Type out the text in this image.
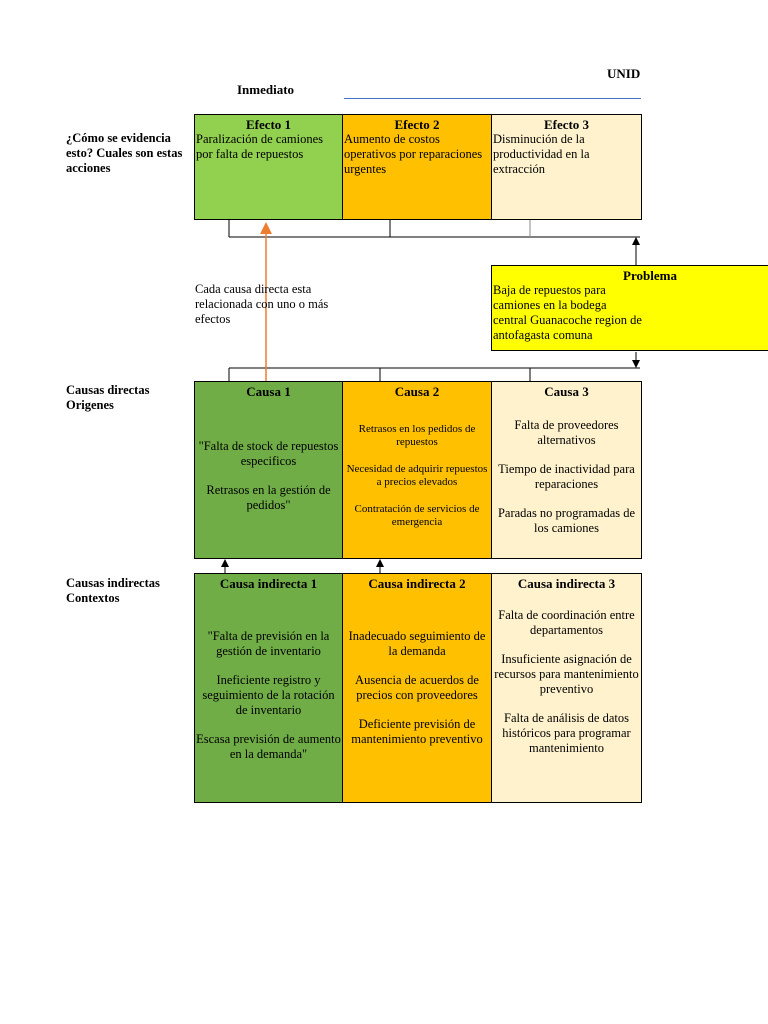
UNID
Inmediato
¿Cómo se evidencia esto? Cuales son estas acciones
Causas directas Origenes
Causas indirectas Contextos
Efecto 1
Paralización de camiones por falta de repuestos
Efecto 2
Aumento de costos operativos por reparaciones urgentes
Efecto 3
Disminución de la productividad en la extracción
Problema
Baja de repuestos para camiones en la bodega central Guanacoche region de antofagasta comuna
Cada causa directa esta relacionada con uno o más efectos
Causa 1

"Falta de stock de repuestos especificos

Retrasos en la gestión de pedidos"

Causa 2

Retrasos en los pedidos de repuestos

Necesidad de adquirir repuestos a precios elevados

Contratación de servicios de emergencia

Causa 3

Falta de proveedores alternativos

Tiempo de inactividad para reparaciones

Paradas no programadas de los camiones

Causa indirecta 1

"Falta de previsión en la gestión de inventario

Ineficiente registro y seguimiento de la rotación de inventario

Escasa previsión de aumento en la demanda"

Causa indirecta 2

Inadecuado seguimiento de la demanda

Ausencia de acuerdos de precios con proveedores

Deficiente previsión de mantenimiento preventivo

Causa indirecta 3

Falta de coordinación entre departamentos

Insuficiente asignación de recursos para mantenimiento preventivo

Falta de análisis de datos históricos para programar mantenimiento
